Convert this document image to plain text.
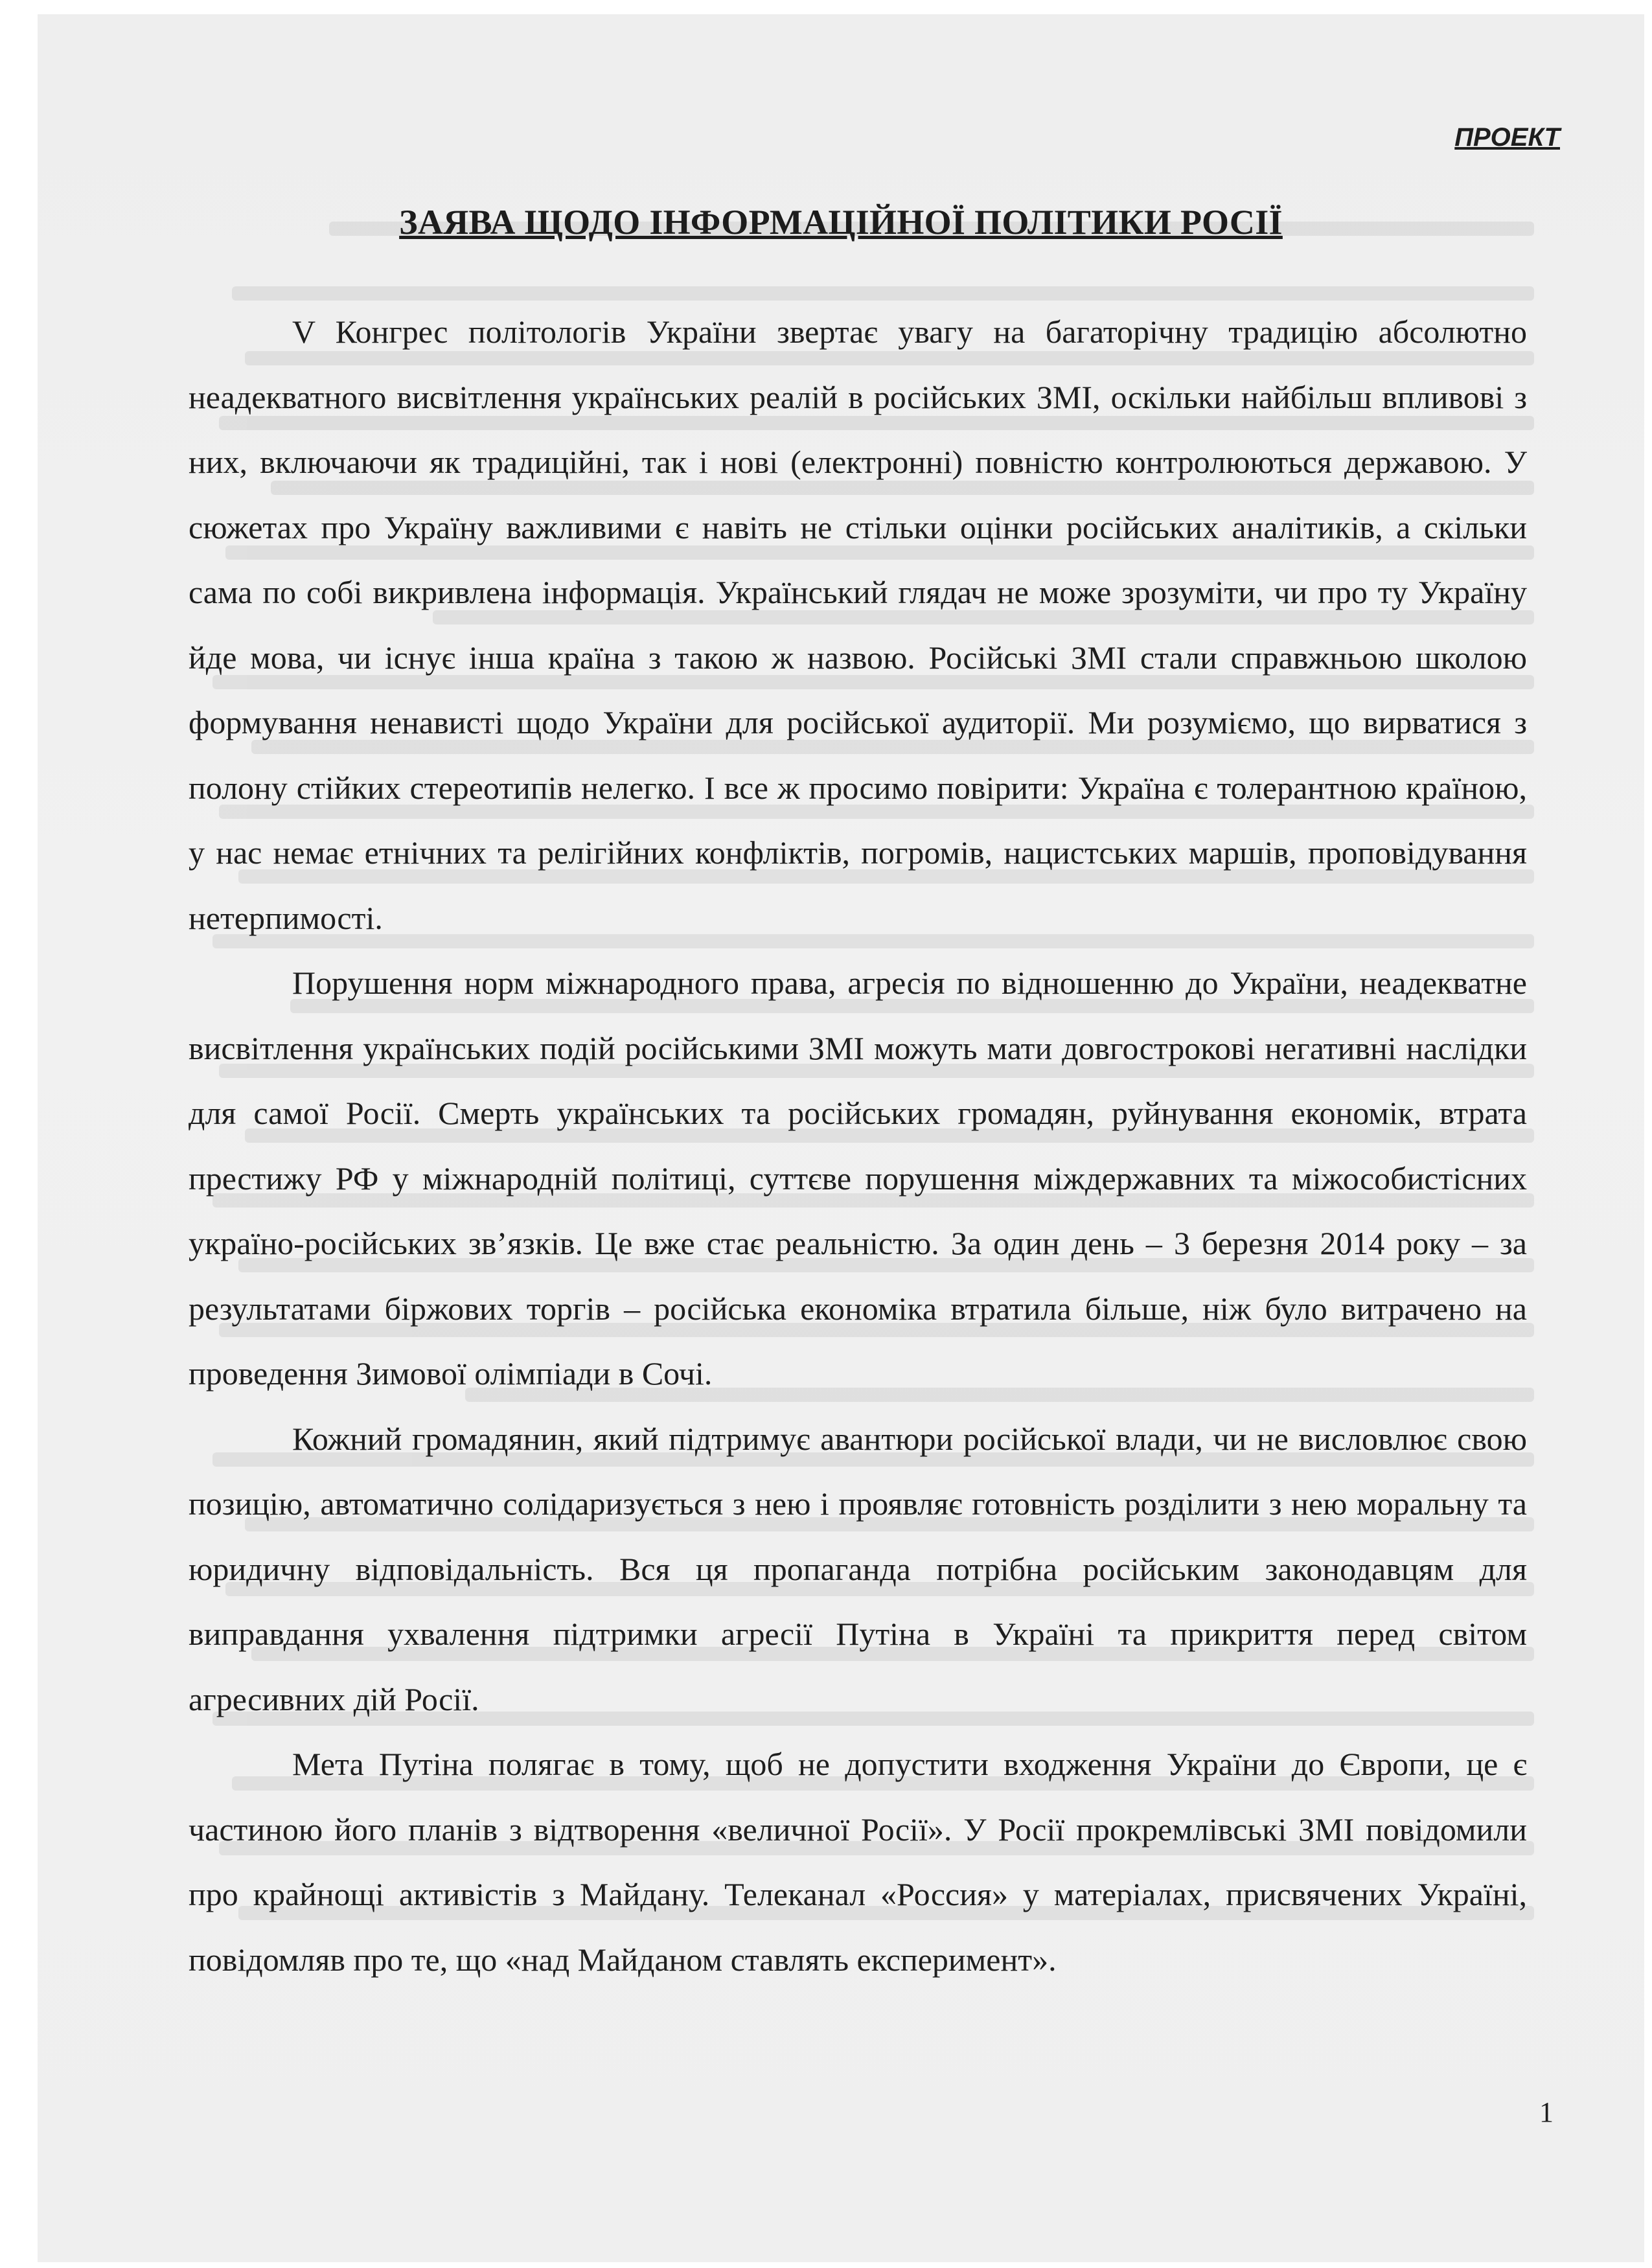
ПРОЕКТ
ЗАЯВА ЩОДО ІНФОРМАЦІЙНОЇ ПОЛІТИКИ РОСІЇ

V Конгрес політологів України звертає увагу на багаторічну традицію абсолютно неадекватного висвітлення українських реалій в російських ЗМІ, оскільки найбільш впливові з них, включаючи як традиційні, так і нові (електронні) повністю контролюються державою. У сюжетах про Україну важливими є навіть не стільки оцінки російських аналітиків, а скільки сама по собі викривлена інформація. Український глядач не може зрозуміти, чи про ту Україну йде мова, чи існує інша країна з такою ж назвою. Російські ЗМІ стали справжньою школою формування ненависті щодо України для російської аудиторії. Ми розуміємо, що вирватися з полону стійких стереотипів нелегко. І все ж просимо повірити: Україна є толерантною країною, у нас немає етнічних та релігійних конфліктів, погромів, нацистських маршів, проповідування нетерпимості.

Порушення норм міжнародного права, агресія по відношенню до України, неадекватне висвітлення українських подій російськими ЗМІ можуть мати довгострокові негативні наслідки для самої Росії. Смерть українських та російських громадян, руйнування економік, втрата престижу РФ у міжнародній політиці, суттєве порушення міждержавних та міжособистісних україно-російських зв’язків. Це вже стає реальністю. За один день – 3 березня 2014 року – за результатами біржових торгів – російська економіка втратила більше, ніж було витрачено на проведення Зимової олімпіади в Сочі.

Кожний громадянин, який підтримує авантюри російської влади, чи не висловлює свою позицію, автоматично солідаризується з нею і проявляє готовність розділити з нею моральну та юридичну відповідальність. Вся ця пропаганда потрібна російським законодавцям для виправдання ухвалення підтримки агресії Путіна в Україні та прикриття перед світом агресивних дій Росії.

Мета Путіна полягає в тому, щоб не допустити входження України до Європи, це є частиною його планів з відтворення «величної Росії». У Росії прокремлівські ЗМІ повідомили про крайнощі активістів з Майдану. Телеканал «Россия» у матеріалах, присвячених Україні, повідомляв про те, що «над Майданом ставлять експеримент».

1
